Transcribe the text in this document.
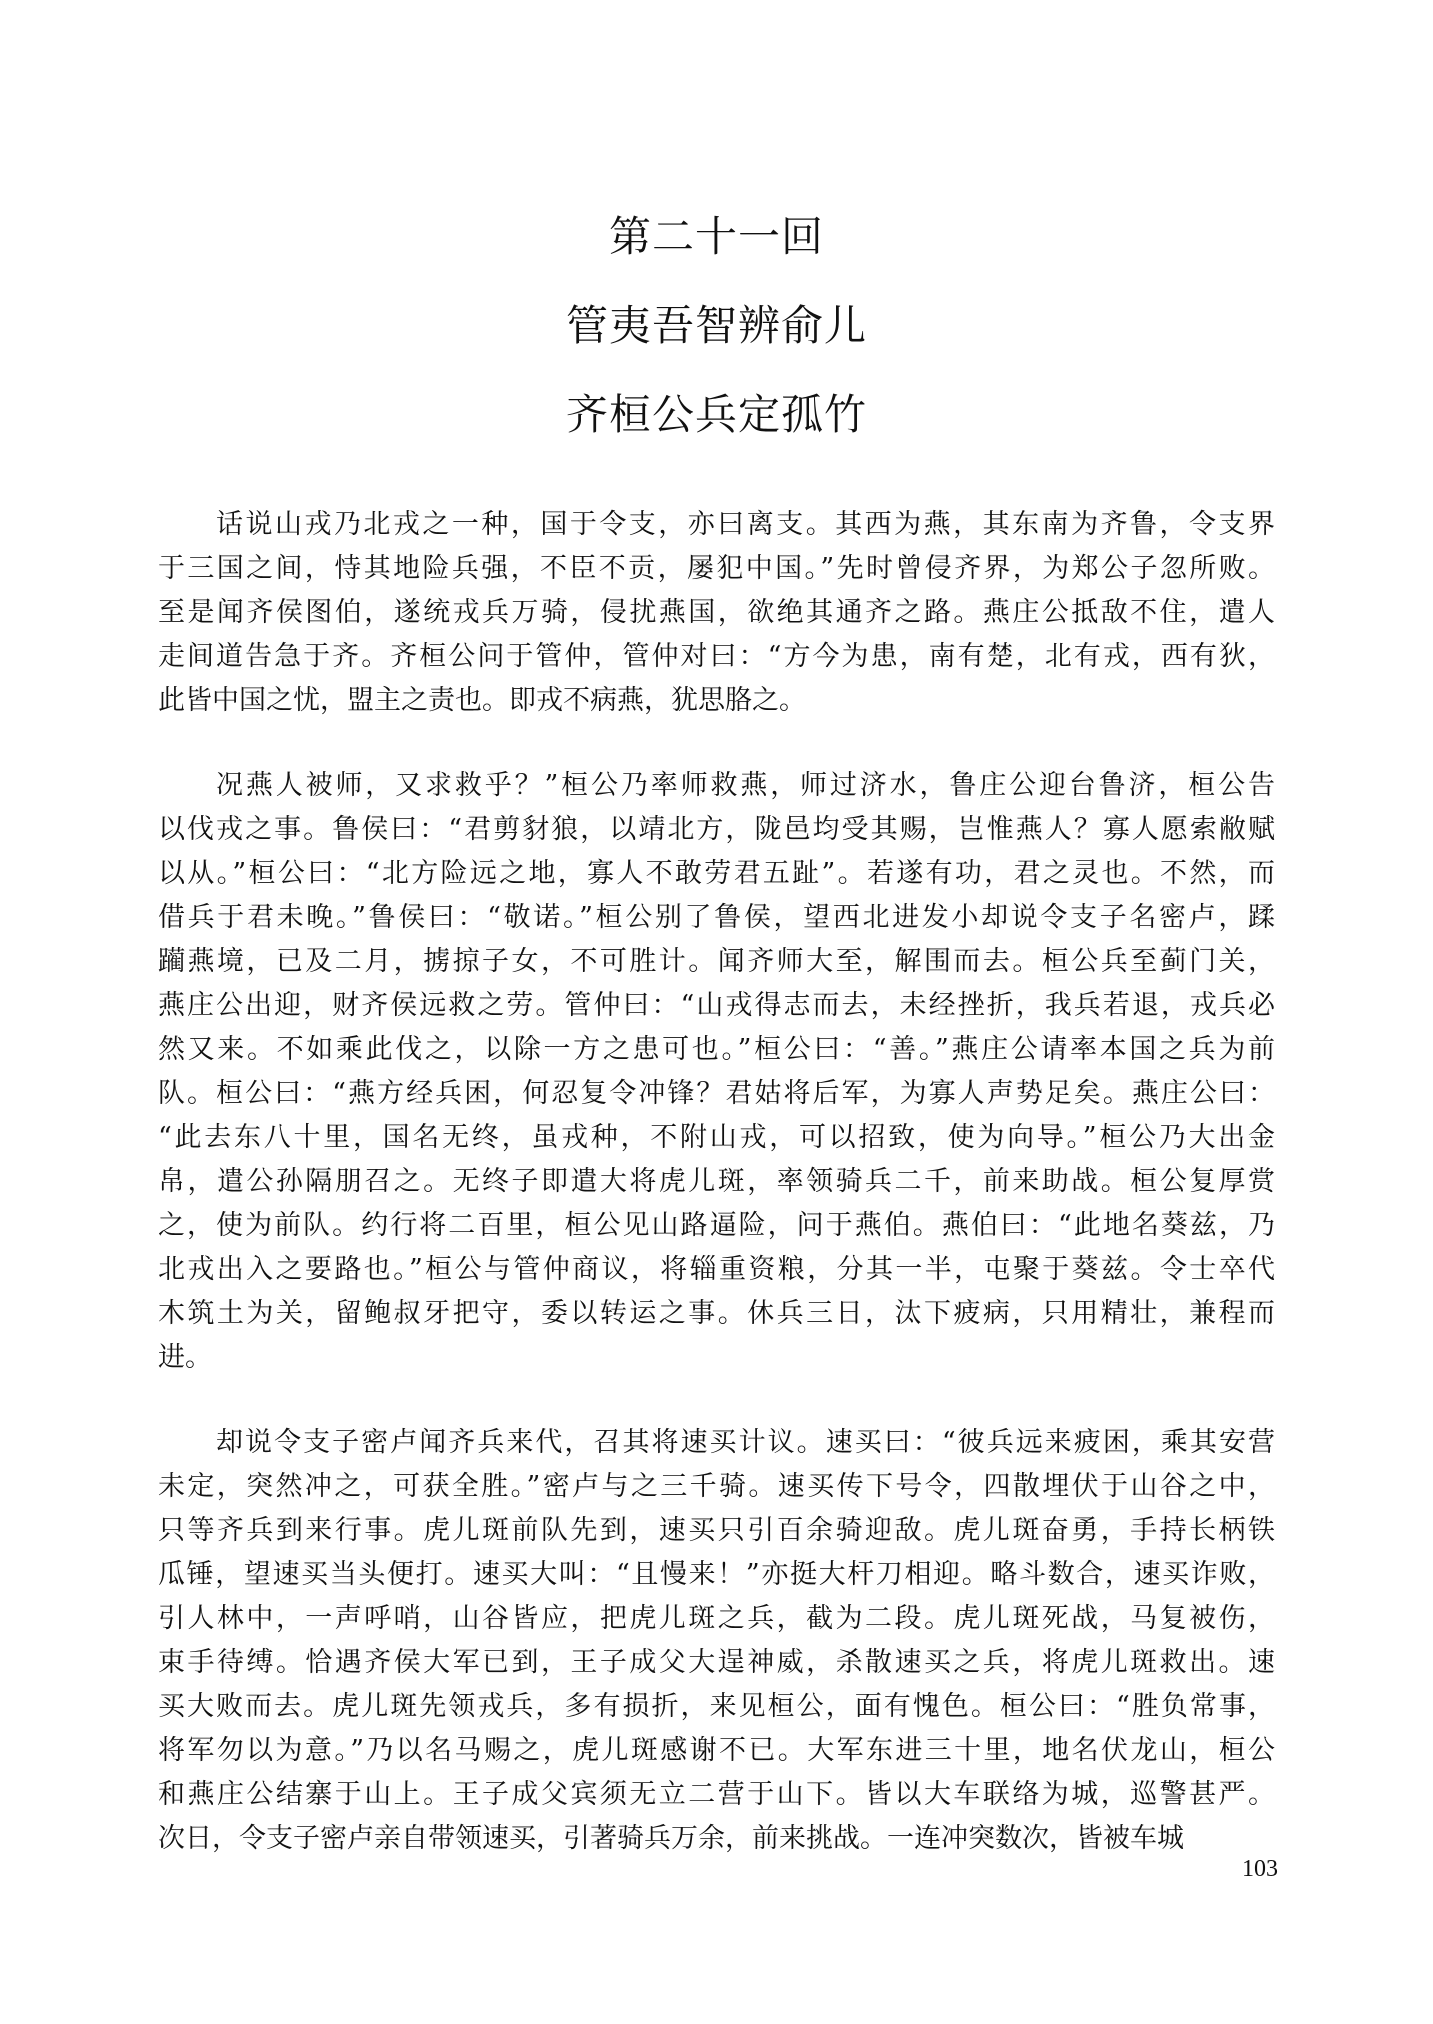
第二十一回
管夷吾智辨俞儿
齐桓公兵定孤竹
话说山戎乃北戎之一种，国于令支，亦曰离支。其西为燕，其东南为齐鲁，令支界
于三国之间，恃其地险兵强，不臣不贡，屡犯中国。”先时曾侵齐界，为郑公子忽所败。
至是闻齐侯图伯，遂统戎兵万骑，侵扰燕国，欲绝其通齐之路。燕庄公抵敌不住，遣人
走间道告急于齐。齐桓公问于管仲，管仲对曰：“方今为患，南有楚，北有戎，西有狄，
此皆中国之忧，盟主之责也。即戎不病燕，犹思胳之。
况燕人被师，又求救乎？”桓公乃率师救燕，师过济水，鲁庄公迎台鲁济，桓公告
以伐戎之事。鲁侯曰：“君剪豺狼，以靖北方，陇邑均受其赐，岂惟燕人？寡人愿索敝赋
以从。”桓公曰：“北方险远之地，寡人不敢劳君五趾”。若遂有功，君之灵也。不然，而
借兵于君未晚。”鲁侯曰：“敬诺。”桓公别了鲁侯，望西北进发小却说令支子名密卢，蹂
躏燕境，已及二月，掳掠子女，不可胜计。闻齐师大至，解围而去。桓公兵至蓟门关，
燕庄公出迎，财齐侯远救之劳。管仲曰：“山戎得志而去，未经挫折，我兵若退，戎兵必
然又来。不如乘此伐之，以除一方之患可也。”桓公曰：“善。”燕庄公请率本国之兵为前
队。桓公曰：“燕方经兵困，何忍复令冲锋？君姑将后军，为寡人声势足矣。燕庄公曰：
“此去东八十里，国名无终，虽戎种，不附山戎，可以招致，使为向导。”桓公乃大出金
帛，遣公孙隔朋召之。无终子即遣大将虎儿斑，率领骑兵二千，前来助战。桓公复厚赏
之，使为前队。约行将二百里，桓公见山路逼险，问于燕伯。燕伯曰：“此地名葵兹，乃
北戎出入之要路也。”桓公与管仲商议，将辎重资粮，分其一半，屯聚于葵兹。令士卒代
木筑土为关，留鲍叔牙把守，委以转运之事。休兵三日，汰下疲病，只用精壮，兼程而
进。
却说令支子密卢闻齐兵来代，召其将速买计议。速买曰：“彼兵远来疲困，乘其安营
未定，突然冲之，可获全胜。”密卢与之三千骑。速买传下号令，四散埋伏于山谷之中，
只等齐兵到来行事。虎儿斑前队先到，速买只引百余骑迎敌。虎儿斑奋勇，手持长柄铁
瓜锤，望速买当头便打。速买大叫：“且慢来！”亦挺大杆刀相迎。略斗数合，速买诈败，
引人林中，一声呼哨，山谷皆应，把虎儿斑之兵，截为二段。虎儿斑死战，马复被伤，
束手待缚。恰遇齐侯大军已到，王子成父大逞神威，杀散速买之兵，将虎儿斑救出。速
买大败而去。虎儿斑先领戎兵，多有损折，来见桓公，面有愧色。桓公曰：“胜负常事，
将军勿以为意。”乃以名马赐之，虎儿斑感谢不已。大军东进三十里，地名伏龙山，桓公
和燕庄公结寨于山上。王子成父宾须无立二营于山下。皆以大车联络为城，巡警甚严。
次日，令支子密卢亲自带领速买，引著骑兵万余，前来挑战。一连冲突数次，皆被车城
103
